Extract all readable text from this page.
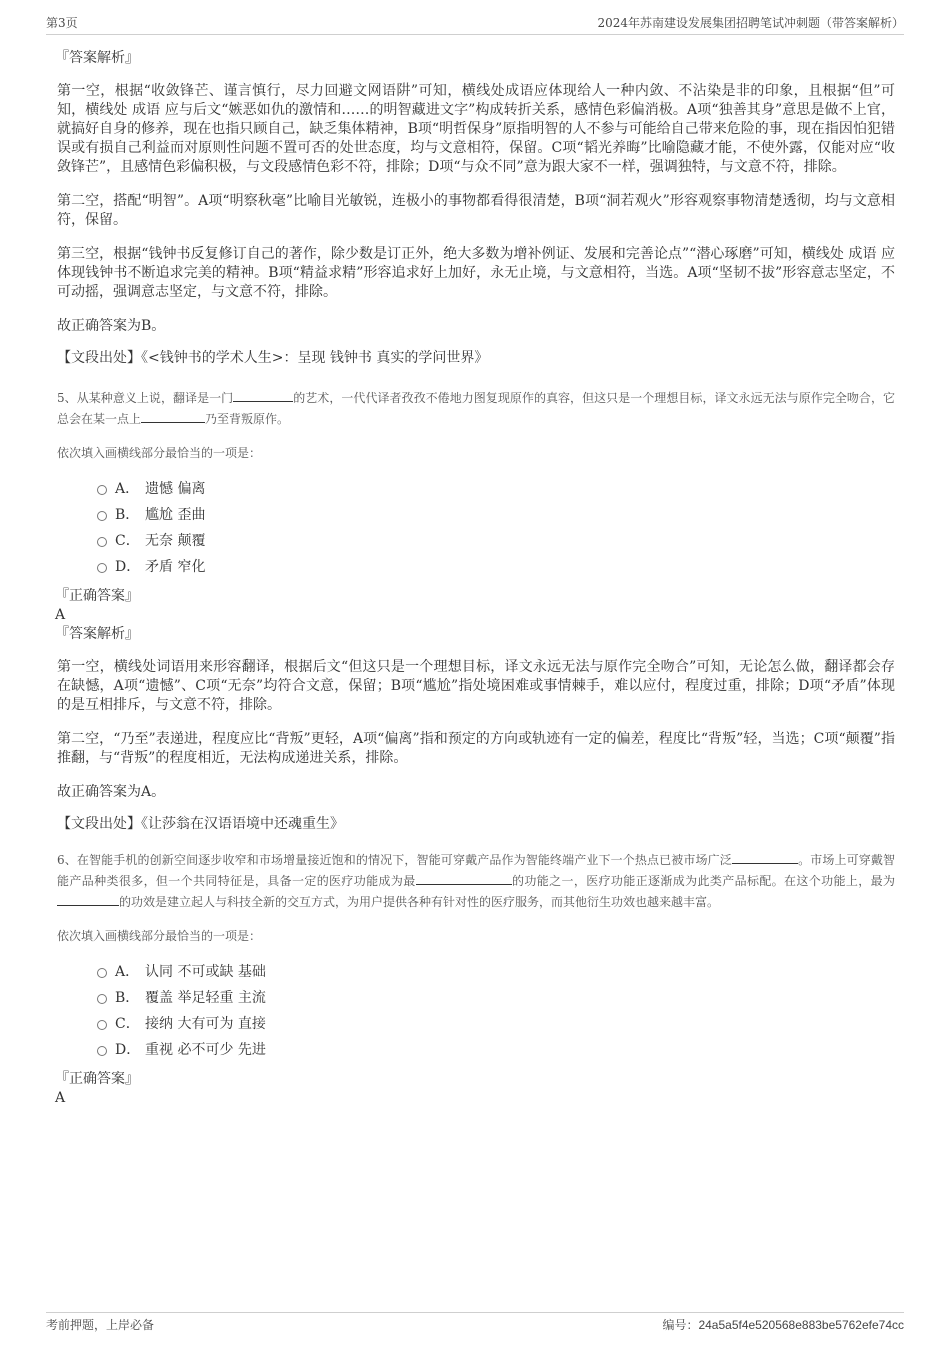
第3页	2024年苏南建设发展集团招聘笔试冲刺题（带答案解析）
『答案解析』

第一空，根据“收敛锋芒、谨言慎行，尽力回避文网语阱”可知，横线处成语应体现给人一种内敛、不沾染是非的印象，且根据“但”可知，横线处 成语 应与后文“嫉恶如仇的激情和……的明智藏进文字”构成转折关系，感情色彩偏消极。A项“独善其身”意思是做不上官，就搞好自身的修养，现在也指只顾自己，缺乏集体精神，B项“明哲保身”原指明智的人不参与可能给自己带来危险的事，现在指因怕犯错误或有损自己利益而对原则性问题不置可否的处世态度，均与文意相符，保留。C项“韬光养晦”比喻隐藏才能，不使外露，仅能对应“收敛锋芒”，且感情色彩偏积极，与文段感情色彩不符，排除；D项“与众不同”意为跟大家不一样，强调独特，与文意不符，排除。

第二空，搭配“明智”。A项“明察秋毫”比喻目光敏锐，连极小的事物都看得很清楚，B项“洞若观火”形容观察事物清楚透彻，均与文意相符，保留。

第三空，根据“钱钟书反复修订自己的著作，除少数是订正外，绝大多数为增补例证、发展和完善论点”“潜心琢磨”可知，横线处 成语 应体现钱钟书不断追求完美的精神。B项“精益求精”形容追求好上加好，永无止境，与文意相符，当选。A项“坚韧不拔”形容意志坚定，不可动摇，强调意志坚定，与文意不符，排除。

故正确答案为B。

【文段出处】《<钱钟书的学术人生>：呈现 钱钟书 真实的学问世界》

5、从某种意义上说，翻译是一门	的艺术，一代代译者孜孜不倦地力图复现原作的真容，但这只是一个理想目标，译文永远无法与原作完全吻合，它总会在某一点上	乃至背叛原作。

依次填入画横线部分最恰当的一项是：

A． 遗憾 偏离
B． 尴尬 歪曲
C． 无奈 颠覆
D． 矛盾 窄化
『正确答案』
A
『答案解析』

第一空，横线处词语用来形容翻译，根据后文“但这只是一个理想目标，译文永远无法与原作完全吻合”可知，无论怎么做，翻译都会存在缺憾，A项“遗憾”、C项“无奈”均符合文意，保留；B项“尴尬”指处境困难或事情棘手，难以应付，程度过重，排除；D项“矛盾”体现的是互相排斥，与文意不符，排除。

第二空，“乃至”表递进，程度应比“背叛”更轻，A项“偏离”指和预定的方向或轨迹有一定的偏差，程度比“背叛”轻，当选；C项“颠覆”指推翻，与“背叛”的程度相近，无法构成递进关系，排除。

故正确答案为A。

【文段出处】《让莎翁在汉语语境中还魂重生》

6、在智能手机的创新空间逐步收窄和市场增量接近饱和的情况下，智能可穿戴产品作为智能终端产业下一个热点已被市场广泛	。市场上可穿戴智能产品种类很多，但一个共同特征是，具备一定的医疗功能成为最	的功能之一，医疗功能正逐渐成为此类产品标配。在这个功能上，最为的功效是建立起人与科技全新的交互方式，为用户提供各种有针对性的医疗服务，而其他衍生功效也越来越丰富。

依次填入画横线部分最恰当的一项是：

A． 认同 不可或缺 基础
B． 覆盖 举足轻重 主流
C． 接纳 大有可为 直接
D． 重视 必不可少 先进
『正确答案』
A
考前押题，上岸必备	编号：24a5a5f4e520568e883be5762efe74cc
